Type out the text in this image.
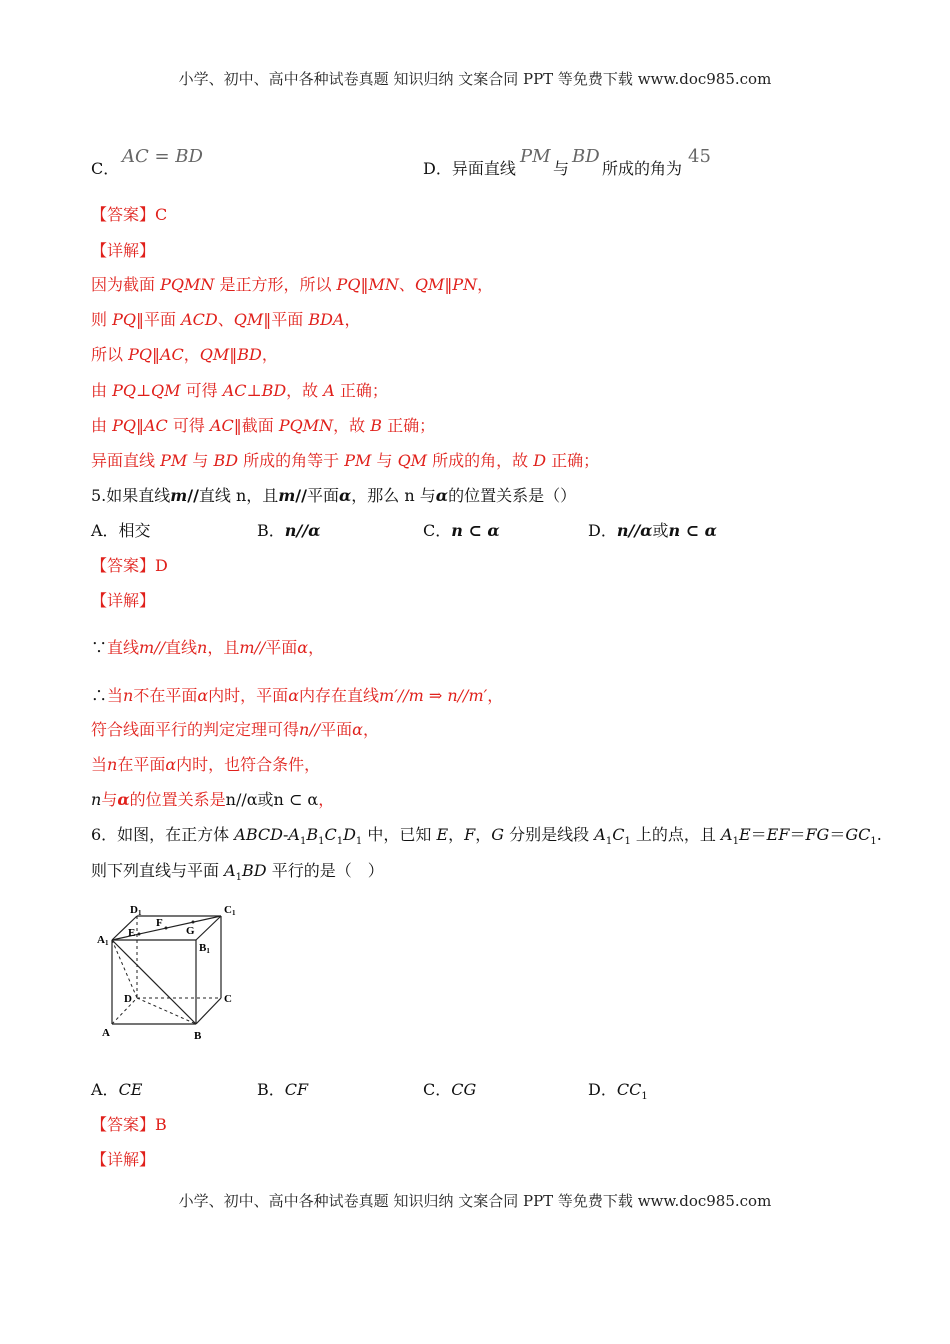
小学、初中、高中各种试卷真题 知识归纳 文案合同 PPT 等免费下载 www.doc985.com
C．
AC = BD
D．异面直线
PM
与
BD
所成的角为
45
【答案】C
【详解】
因为截面 PQMN 是正方形，所以 PQ‖MN、QM‖PN，
则 PQ‖平面 ACD、QM‖平面 BDA，
所以 PQ‖AC，QM‖BD，
由 PQ⊥QM 可得 AC⊥BD，故 A 正确；
由 PQ‖AC 可得 AC‖截面 PQMN，故 B 正确；
异面直线 PM 与 BD 所成的角等于 PM 与 QM 所成的角，故 D 正确；
5.如果直线m//直线 n，且m//平面α，那么 n 与α的位置关系是（）
A．相交	B．n//α	C．n ⊂ α	D．n//α或n ⊂ α
【答案】D
【详解】
∵直线m//直线n，且m//平面α，
∴当n不在平面α内时，平面α内存在直线m′//m ⇒ n//m′，
符合线面平行的判定定理可得n//平面α，
当n在平面α内时，也符合条件，
n与α的位置关系是n//α或n ⊂ α，
6．如图，在正方体 ABCD-$A_1B_1C_1D_1$ 中，已知 E，F，G 分别是线段 $A_1C_1$ 上的点，且 $A_1E=EF=FG=GC_1$.
则下列直线与平面 $A_1BD$ 平行的是（　）
D1	C1
A1	B1
E
F
G
D	C
A	B
A．CE	B．CF	C．CG	D．$CC_1$
【答案】B
【详解】
小学、初中、高中各种试卷真题 知识归纳 文案合同 PPT 等免费下载 www.doc985.com
